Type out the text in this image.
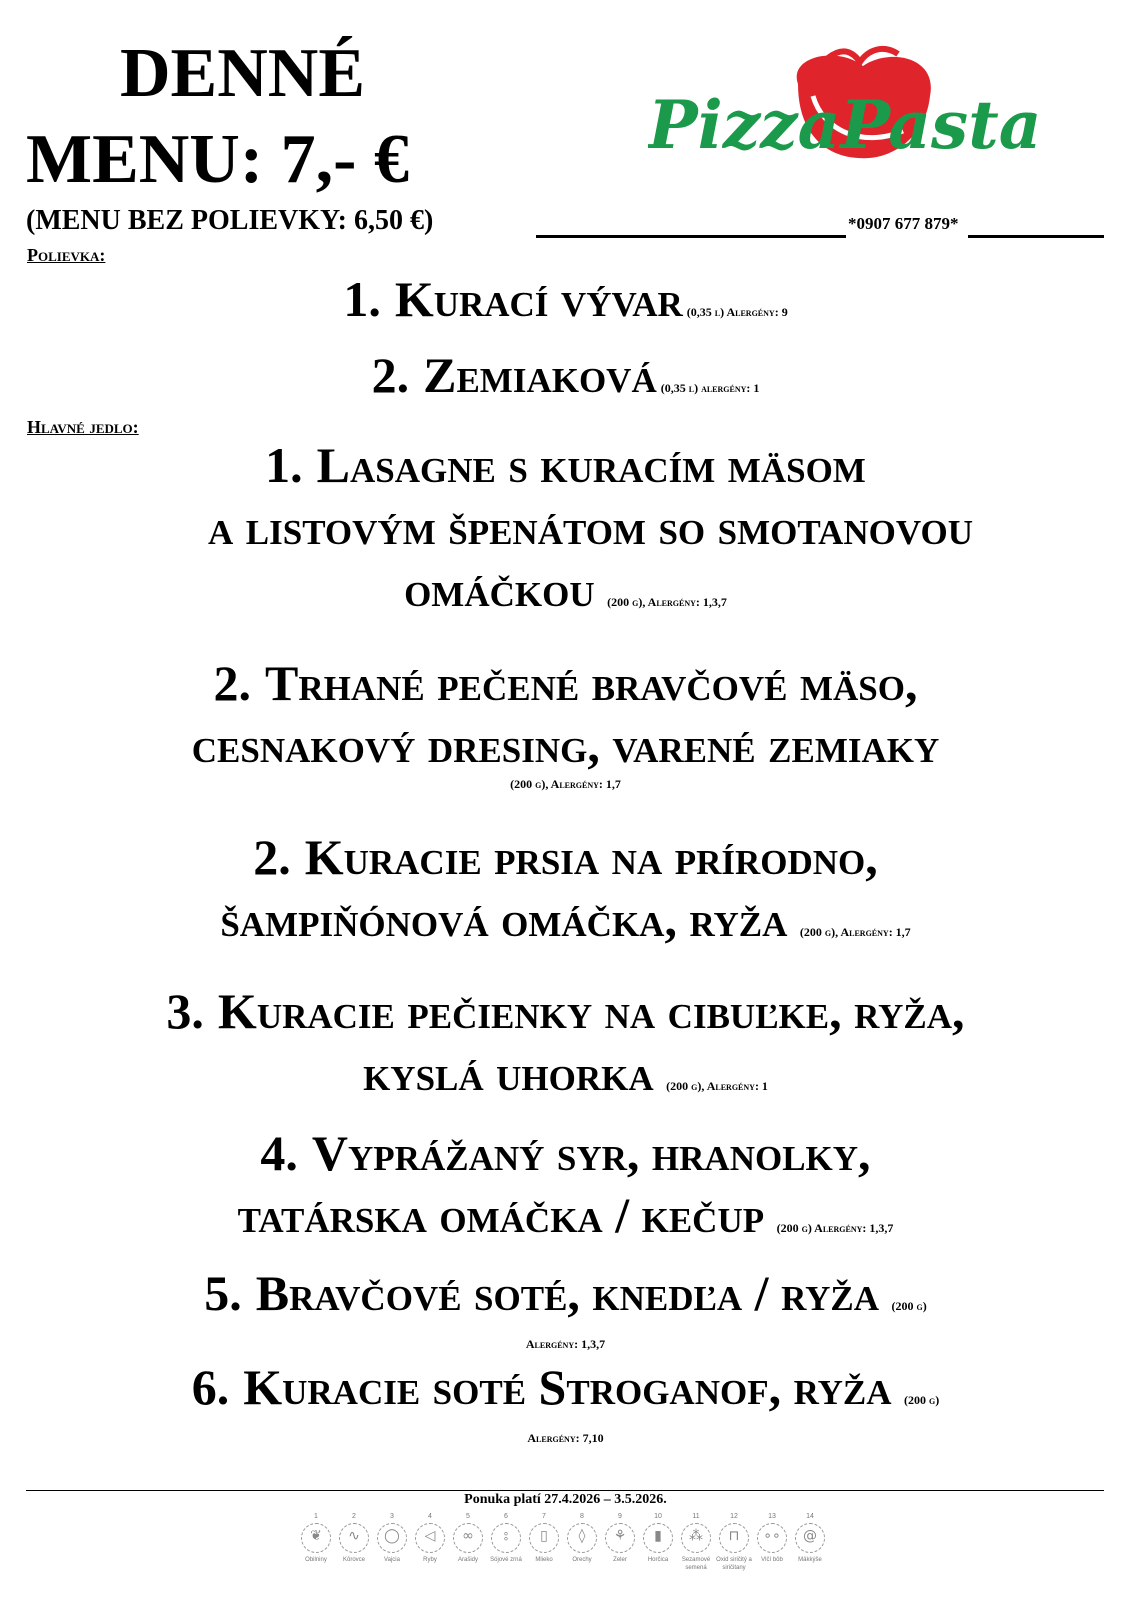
DENNÉ
MENU: 7,- €
(MENU BEZ POLIEVKY: 6,50 €)	*0907 677 879*
PizzaPasta
Polievka:
1. Kurací vývar (0,35 l) Alergény: 9
2. Zemiaková (0,35 l) alergény: 1
Hlavné jedlo:
1. Lasagne s kuracím mäsom
a listovým špenátom so smotanovou
omáčkou (200 g), Alergény: 1,3,7
2. Trhané pečené bravčové mäso,
cesnakový dresing, varené zemiaky
(200 g), Alergény: 1,7
2. Kuracie prsia na prírodno,
šampiňónová omáčka, ryža (200 g), Alergény: 1,7
3. Kuracie pečienky na cibuľke, ryža,
kyslá uhorka (200 g), Alergény: 1
4. Vyprážaný syr, hranolky,
tatárska omáčka / kečup (200 g) Alergény: 1,3,7
5. Bravčové soté, knedľa / ryža (200 g)
Alergény: 1,3,7
6. Kuracie soté Stroganof, ryža (200 g)
Alergény: 7,10
Ponuka platí 27.4.2026 – 3.5.2026.
1
❦
Obilniny
2
∿
Kôrovce
3
◯
Vajcia
4
◁
Ryby
5
∞
Arašidy
6
⦂
Sójové zrná
7
▯
Mlieko
8
◊
Orechy
9
⚘
Zeler
10
▮
Horčica
11
⁂
Sezamové semená
12
⊓
Oxid siričitý a siričitany
13
∘∘
Vlčí bôb
14
@
Mäkkýše
